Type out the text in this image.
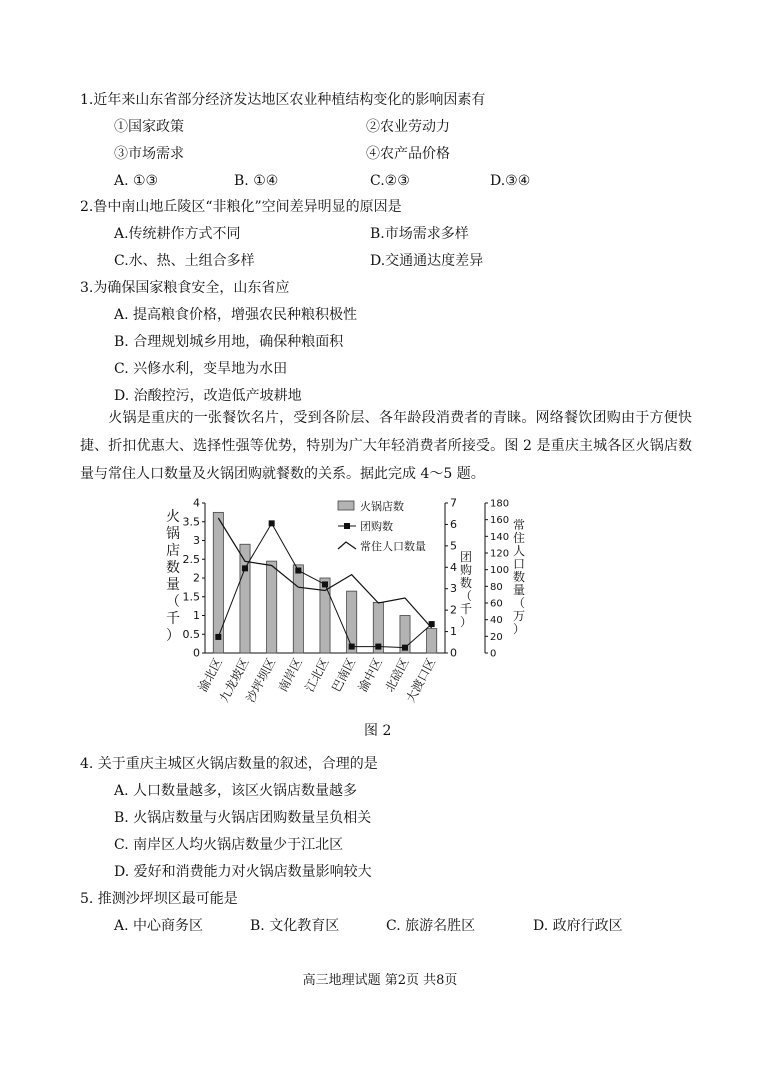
1.近年来山东省部分经济发达地区农业种植结构变化的影响因素有
①国家政策	②农业劳动力
③市场需求	④农产品价格
A. ①③	B. ①④	C.②③	D.③④
2.鲁中南山地丘陵区“非粮化”空间差异明显的原因是
A.传统耕作方式不同	B.市场需求多样
C.水、热、土组合多样	D.交通通达度差异
3.为确保国家粮食安全，山东省应
A. 提高粮食价格，增强农民种粮积极性
B. 合理规划城乡用地，确保种粮面积
C. 兴修水利，变旱地为水田
D. 治酸控污，改造低产坡耕地
火锅是重庆的一张餐饮名片，受到各阶层、各年龄段消费者的青睐。网络餐饮团购由于方便快捷、折扣优惠大、选择性强等优势，特别为广大年轻消费者所接受。图 2 是重庆主城各区火锅店数量与常住人口数量及火锅团购就餐数的关系。据此完成 4～5 题。
0
0.5
1
1.5
2
2.5
3
3.5
4
0
1
2
3
4
5
6
7
0
20
40
60
80
100
120
140
160
180
火
锅
店
数
量
（
千
）
团
购
数
（
千
）
常
住
人
口
数
量
（
万
）
渝北区
九龙坡区
沙坪坝区
南岸区
江北区
巴南区
渝中区
北碚区
大渡口区
火锅店数
团购数
常住人口数量
图 2
4. 关于重庆主城区火锅店数量的叙述，合理的是
A. 人口数量越多，该区火锅店数量越多
B. 火锅店数量与火锅店团购数量呈负相关
C. 南岸区人均火锅店数量少于江北区
D. 爱好和消费能力对火锅店数量影响较大
5. 推测沙坪坝区最可能是
A. 中心商务区	B. 文化教育区	C. 旅游名胜区	D. 政府行政区
高三地理试题 第2页 共8页
